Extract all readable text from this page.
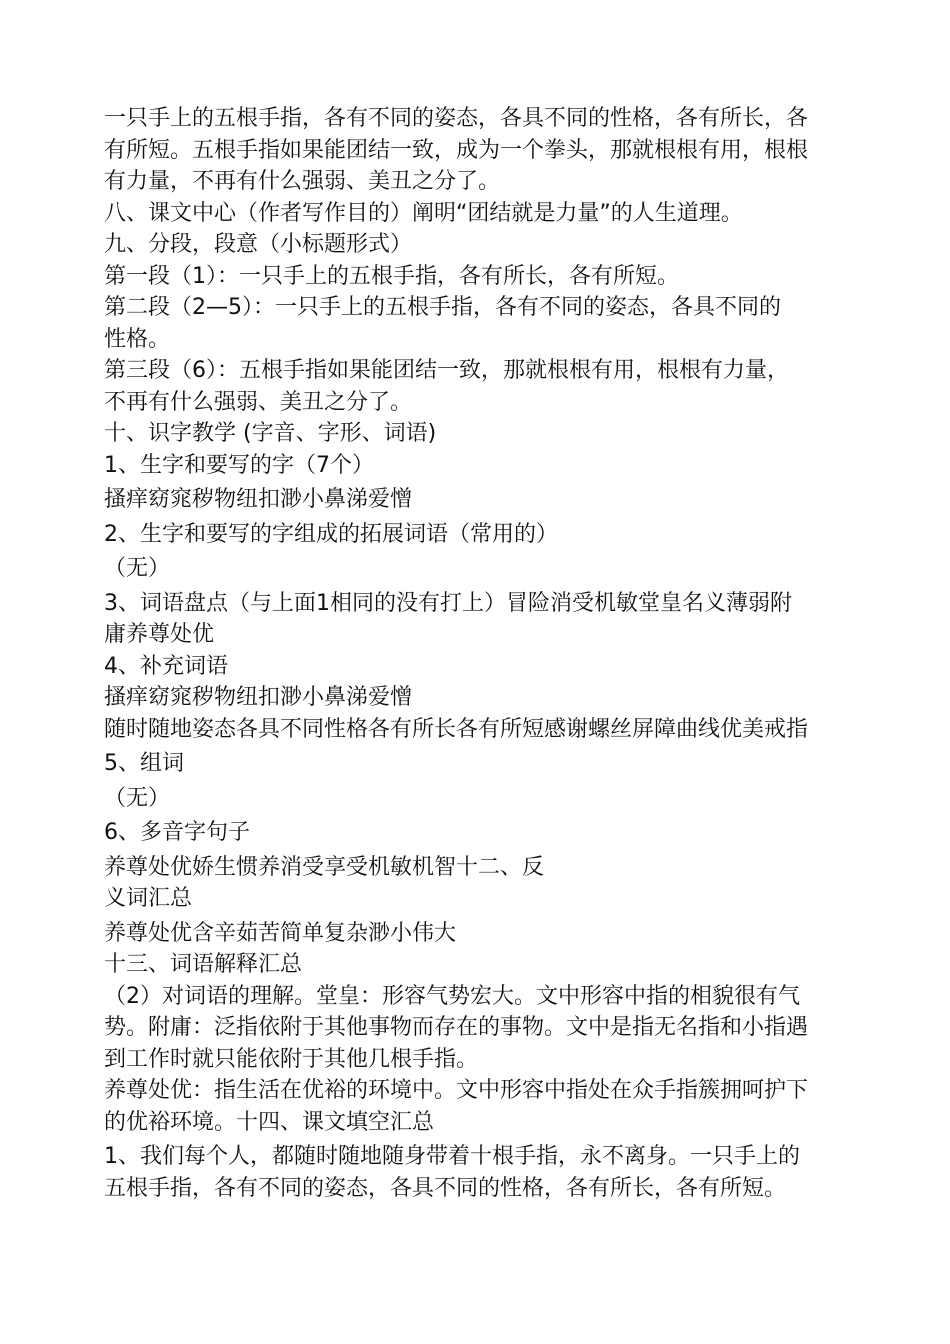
一只手上的五根手指，各有不同的姿态，各具不同的性格，各有所长，各
有所短。五根手指如果能团结一致，成为一个拳头，那就根根有用，根根
有力量，不再有什么强弱、美丑之分了。
八、课文中心（作者写作目的）阐明“团结就是力量”的人生道理。
九、分段，段意（小标题形式）
第一段（1）：一只手上的五根手指，各有所长，各有所短。
第二段（2—5）：一只手上的五根手指，各有不同的姿态，各具不同的
性格。
第三段（6）：五根手指如果能团结一致，那就根根有用，根根有力量，
不再有什么强弱、美丑之分了。
十、识字教学 (字音、字形、词语)
1、生字和要写的字（7个）
搔痒窈窕秽物纽扣渺小鼻涕爱憎
2、生字和要写的字组成的拓展词语（常用的）
（无）
3、词语盘点（与上面1相同的没有打上）冒险消受机敏堂皇名义薄弱附
庸养尊处优
4、补充词语
搔痒窈窕秽物纽扣渺小鼻涕爱憎
随时随地姿态各具不同性格各有所长各有所短感谢螺丝屏障曲线优美戒指
5、组词
（无）
6、多音字句子
养尊处优娇生惯养消受享受机敏机智十二、反
义词汇总
养尊处优含辛茹苦简单复杂渺小伟大
十三、词语解释汇总
（2）对词语的理解。堂皇：形容气势宏大。文中形容中指的相貌很有气
势。附庸：泛指依附于其他事物而存在的事物。文中是指无名指和小指遇
到工作时就只能依附于其他几根手指。
养尊处优：指生活在优裕的环境中。文中形容中指处在众手指簇拥呵护下
的优裕环境。十四、课文填空汇总
1、我们每个人，都随时随地随身带着十根手指，永不离身。一只手上的
五根手指，各有不同的姿态，各具不同的性格，各有所长，各有所短。
